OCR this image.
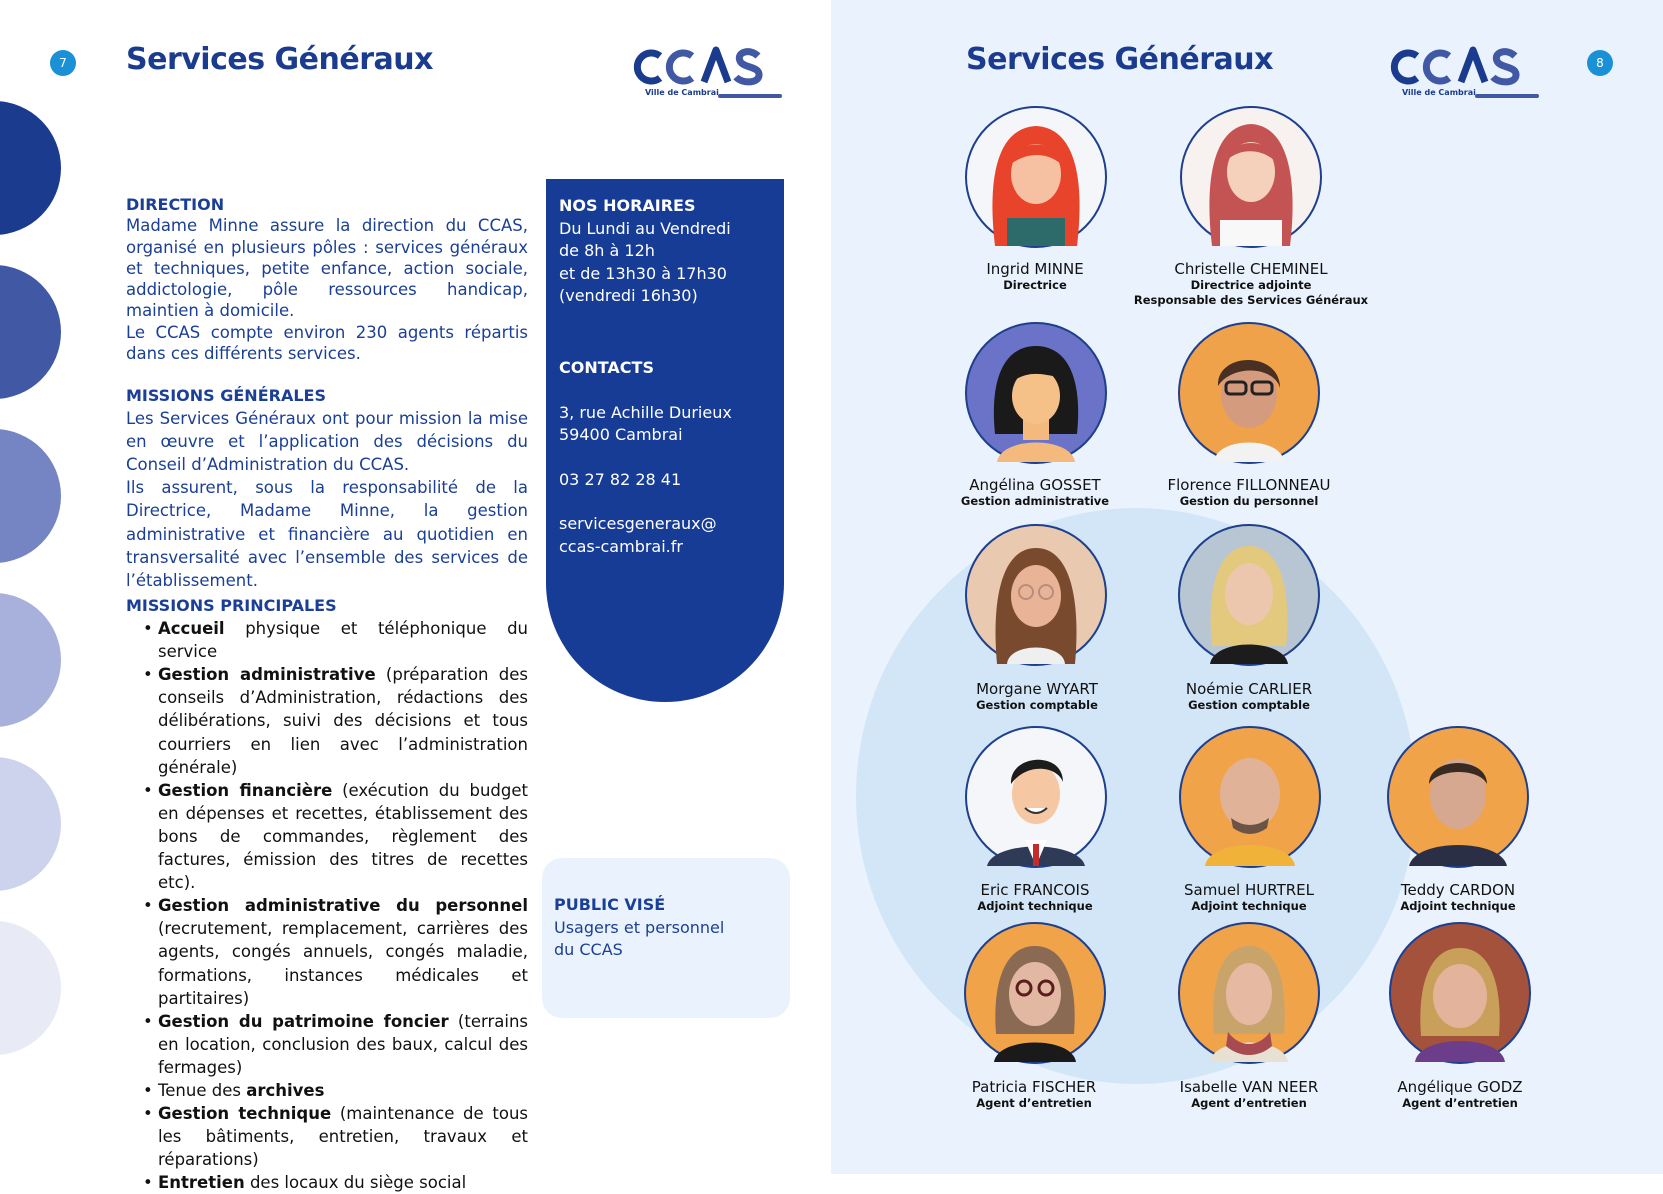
7	Services Généraux
Ville de Cambrai
DIRECTION

Madame Minne assure la direction du CCAS, organisé en plusieurs pôles : services généraux et techniques, petite enfance, action sociale, addictologie, pôle ressources handicap, maintien à domicile.

Le CCAS compte environ 230 agents répartis dans ces différents services.

MISSIONS GÉNÉRALES

Les Services Généraux ont pour mission la mise en œuvre et l’application des décisions du Conseil d’Administration du CCAS.

Ils assurent, sous la responsabilité de la Directrice, Madame Minne, la gestion administrative et financière au quotidien en transversalité avec l’ensemble des services de l’établissement.

MISSIONS PRINCIPALES
• Accueil physique et téléphonique du service
• Gestion administrative (préparation des conseils d’Administration, rédactions des délibérations, suivi des décisions et tous courriers en lien avec l’administration générale)
• Gestion financière (exécution du budget en dépenses et recettes, établissement des bons de commandes, règlement des factures, émission des titres de recettes etc).
• Gestion administrative du personnel (recrutement, remplacement, carrières des agents, congés annuels, congés maladie, formations, instances médicales et partitaires)
• Gestion du patrimoine foncier (terrains en location, conclusion des baux, calcul des fermages)
• Tenue des archives
• Gestion technique (maintenance de tous les bâtiments, entretien, travaux et réparations)
• Entretien des locaux du siège social
NOS HORAIRES
Du Lundi au Vendredi
de 8h à 12h
et de 13h30 à 17h30
(vendredi 16h30)
CONTACTS
3, rue Achille Durieux
59400 Cambrai
03 27 82 28 41
servicesgeneraux@
ccas-cambrai.fr
PUBLIC VISÉ
Usagers et personnel
du CCAS
Services Généraux
Ville de Cambrai
8
Ingrid MINNE
Directrice
Christelle CHEMINEL
Directrice adjointe
Responsable des Services Généraux
Angélina GOSSET
Gestion administrative
Florence FILLONNEAU
Gestion du personnel
Morgane WYART
Gestion comptable
Noémie CARLIER
Gestion comptable
Eric FRANCOIS
Adjoint technique
Samuel HURTREL
Adjoint technique
Teddy CARDON
Adjoint technique
Patricia FISCHER
Agent d’entretien
Isabelle VAN NEER
Agent d’entretien
Angélique GODZ
Agent d’entretien
